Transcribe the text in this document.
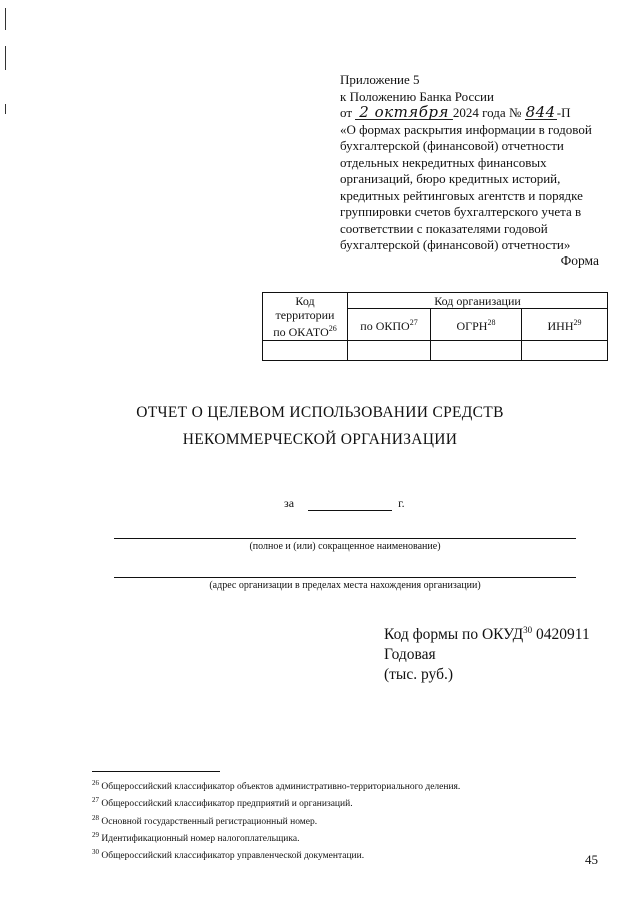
Приложение 5
к Положению Банка России
от 2 октября 2024 года № 844-П
«О формах раскрытия информации в годовой
бухгалтерской (финансовой) отчетности
отдельных некредитных финансовых
организаций, бюро кредитных историй,
кредитных рейтинговых агентств и порядке
группировки счетов бухгалтерского учета в
соответствии с показателями годовой
бухгалтерской (финансовой) отчетности»
Форма
Код
территории
по ОКАТО$^{26}$	Код организации		
	по ОКПО$^{27}$	ОГРН$^{28}$	ИНН$^{29}$

ОТЧЕТ О ЦЕЛЕВОМ ИСПОЛЬЗОВАНИИ СРЕДСТВ
НЕКОММЕРЧЕСКОЙ ОРГАНИЗАЦИИ
за	г.
(полное и (или) сокращенное наименование)
(адрес организации в пределах места нахождения организации)
Код формы по ОКУД$^{30}$ 0420911
Годовая
(тыс. руб.)
$^{26}$ Общероссийский классификатор объектов административно-территориального деления.
$^{27}$ Общероссийский классификатор предприятий и организаций.
$^{28}$ Основной государственный регистрационный номер.
$^{29}$ Идентификационный номер налогоплательщика.
$^{30}$ Общероссийский классификатор управленческой документации.	45
